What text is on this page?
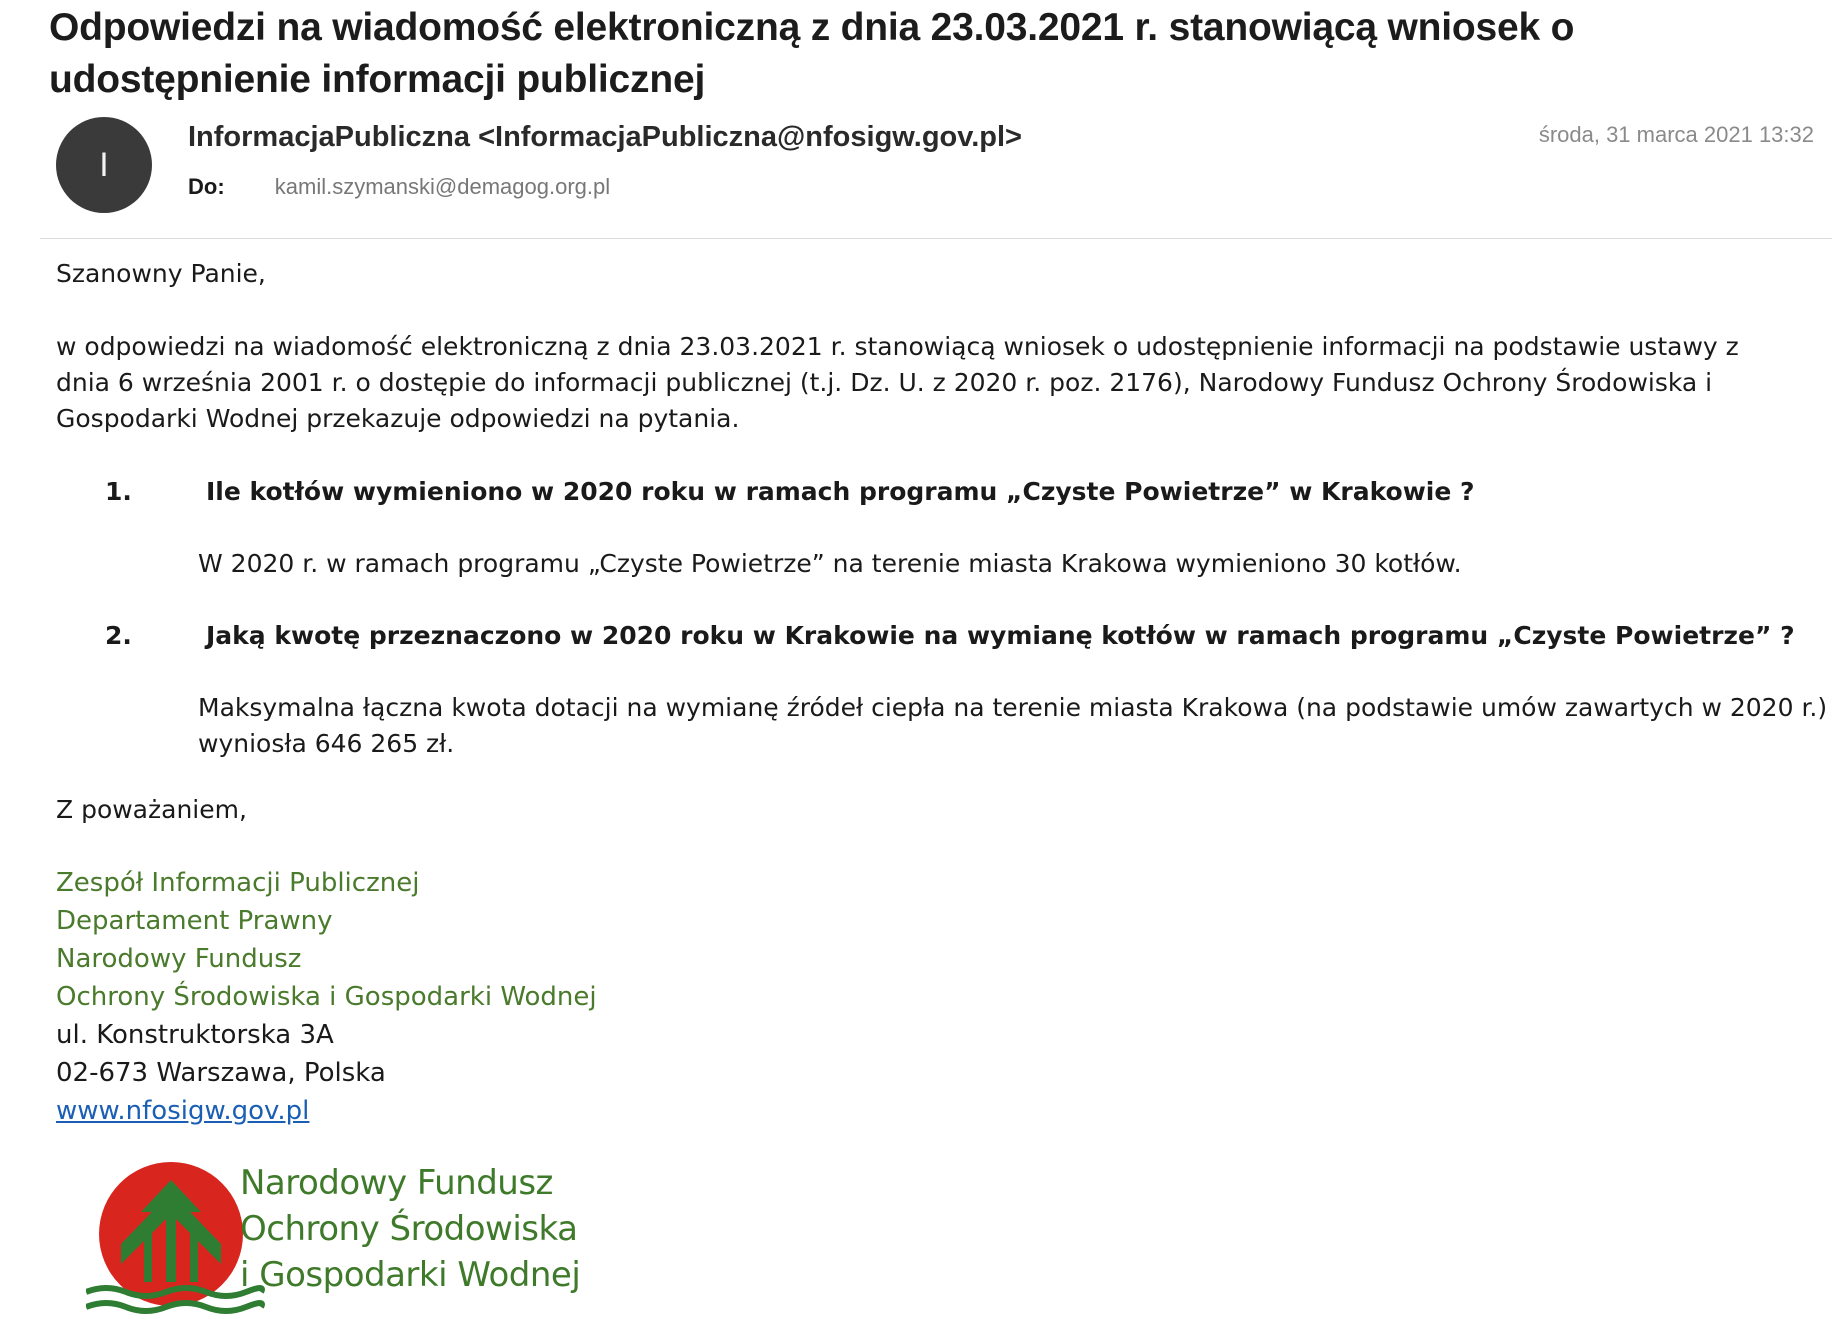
Odpowiedzi na wiadomość elektroniczną z dnia 23.03.2021 r. stanowiącą wniosek o udostępnienie informacji publicznej
I
InformacjaPubliczna <InformacjaPubliczna@nfosigw.gov.pl>
Do: kamil.szymanski@demagog.org.pl
środa, 31 marca 2021 13:32

Szanowny Panie,

w odpowiedzi na wiadomość elektroniczną z dnia 23.03.2021 r. stanowiącą wniosek o udostępnienie informacji na podstawie ustawy z dnia 6 września 2001 r. o dostępie do informacji publicznej (t.j. Dz. U. z 2020 r. poz. 2176), Narodowy Fundusz Ochrony Środowiska i Gospodarki Wodnej przekazuje odpowiedzi na pytania.

1.	Ile kotłów wymieniono w 2020 roku w ramach programu „Czyste Powietrze” w Krakowie ?

W 2020 r. w ramach programu „Czyste Powietrze” na terenie miasta Krakowa wymieniono 30 kotłów.

2.	Jaką kwotę przeznaczono w 2020 roku w Krakowie na wymianę kotłów w ramach programu „Czyste Powietrze” ?

Maksymalna łączna kwota dotacji na wymianę źródeł ciepła na terenie miasta Krakowa (na podstawie umów zawartych w 2020 r.) wyniosła 646 265 zł.

Z poważaniem,

Zespół Informacji Publicznej
Departament Prawny
Narodowy Fundusz
Ochrony Środowiska i Gospodarki Wodnej
ul. Konstruktorska 3A
02-673 Warszawa, Polska
www.nfosigw.gov.pl
Narodowy Fundusz
Ochrony Środowiska
i Gospodarki Wodnej
